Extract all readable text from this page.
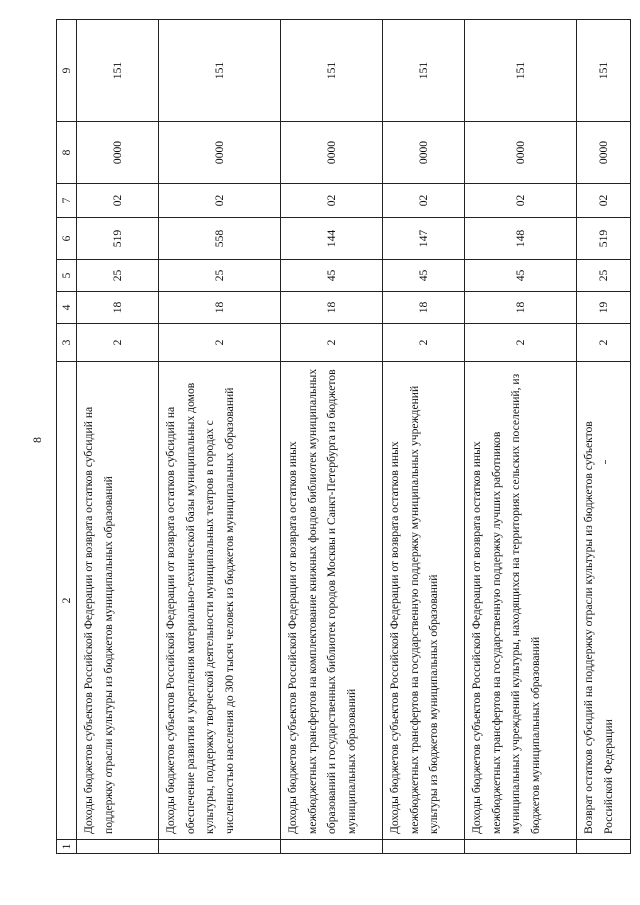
8
1	2	3	4	5	6	7	8	9
	Доходы бюджетов субъектов Российской Федерации от возврата остатков субсидий на поддержку отрасли культуры из бюджетов муниципальных образований	2	18	25	519	02	0000	151
	Доходы бюджетов субъектов Российской Федерации от возврата остатков субсидий на обеспечение развития и укрепления материально-технической базы муниципальных домов культуры, поддержку творческой деятельности муниципальных театров в городах с численностью населения до 300 тысяч человек из бюджетов муниципальных образований	2	18	25	558	02	0000	151
	Доходы бюджетов субъектов Российской Федерации от возврата остатков иных межбюджетных трансфертов на комплектование книжных фондов библиотек муниципальных образований и государственных библиотек городов Москвы и Санкт-Петербурга из бюджетов муниципальных образований	2	18	45	144	02	0000	151
	Доходы бюджетов субъектов Российской Федерации от возврата остатков иных межбюджетных трансфертов на государственную поддержку муниципальных учреждений культуры из бюджетов муниципальных образований	2	18	45	147	02	0000	151
	Доходы бюджетов субъектов Российской Федерации от возврата остатков иных межбюджетных трансфертов на государственную поддержку лучших работников муниципальных учреждений культуры, находящихся на территориях сельских поселений, из бюджетов муниципальных образований	2	18	45	148	02	0000	151
	Возврат остатков субсидий на поддержку отрасли культуры из бюджетов субъектов Российской Федерации	2	19	25	519	02	0000	151
